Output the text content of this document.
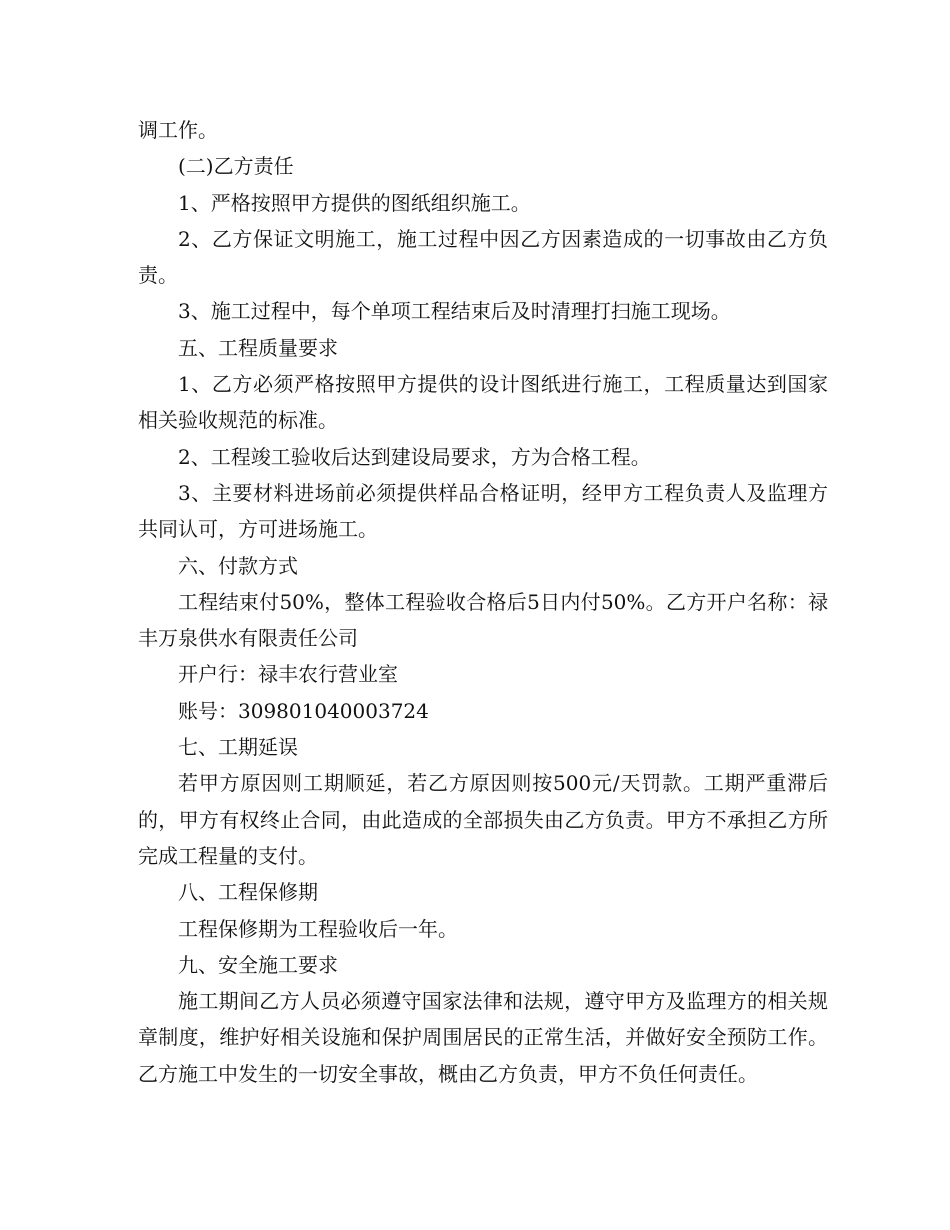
调工作。

(二)乙方责任

1、严格按照甲方提供的图纸组织施工。

2、乙方保证文明施工，施工过程中因乙方因素造成的一切事故由乙方负责。

3、施工过程中，每个单项工程结束后及时清理打扫施工现场。

五、工程质量要求

1、乙方必须严格按照甲方提供的设计图纸进行施工，工程质量达到国家相关验收规范的标准。

2、工程竣工验收后达到建设局要求，方为合格工程。

3、主要材料进场前必须提供样品合格证明，经甲方工程负责人及监理方共同认可，方可进场施工。

六、付款方式

工程结束付50%，整体工程验收合格后5日内付50%。乙方开户名称：禄丰万泉供水有限责任公司

开户行：禄丰农行营业室

账号：309801040003724

七、工期延误

若甲方原因则工期顺延，若乙方原因则按500元/天罚款。工期严重滞后的，甲方有权终止合同，由此造成的全部损失由乙方负责。甲方不承担乙方所完成工程量的支付。

八、工程保修期

工程保修期为工程验收后一年。

九、安全施工要求

施工期间乙方人员必须遵守国家法律和法规，遵守甲方及监理方的相关规章制度，维护好相关设施和保护周围居民的正常生活，并做好安全预防工作。乙方施工中发生的一切安全事故，概由乙方负责，甲方不负任何责任。
